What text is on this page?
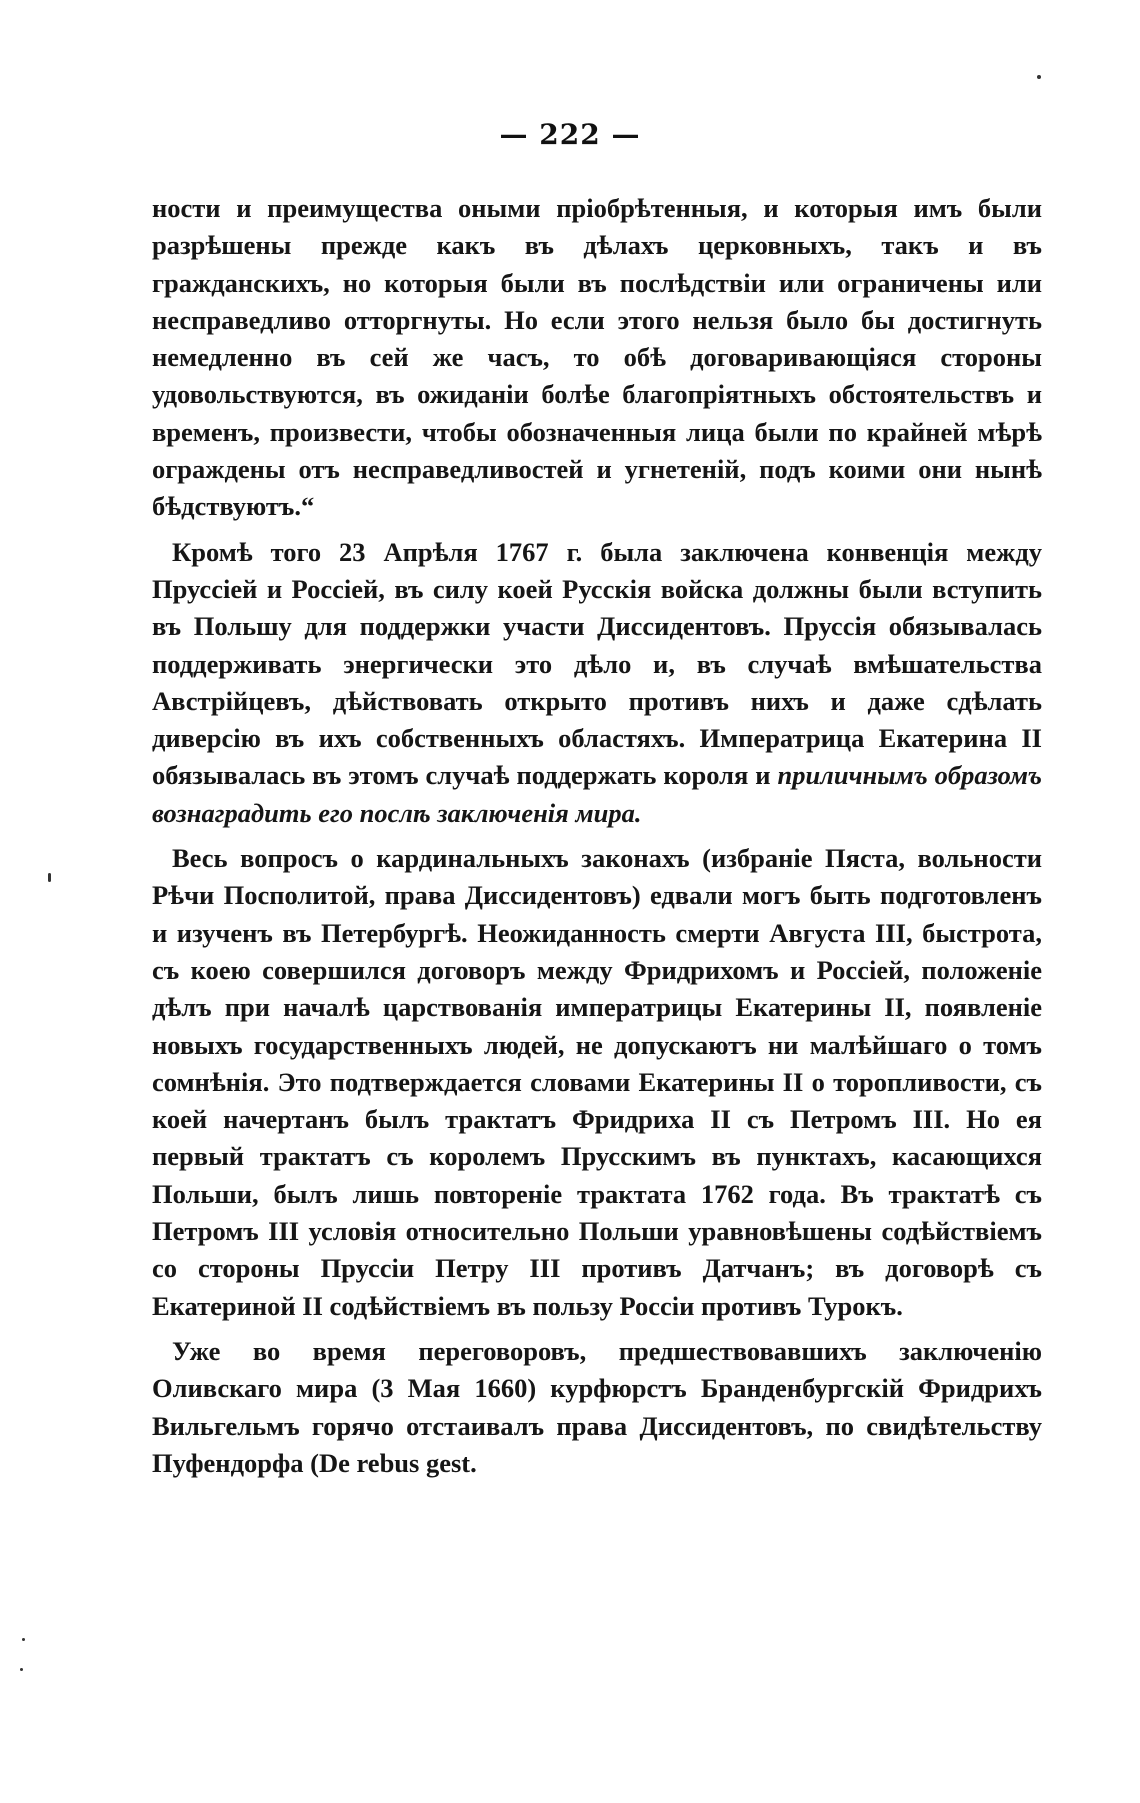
— 222 —

ности и преимущества оными пріобрѣтенныя, и которыя имъ были разрѣшены прежде какъ въ дѣлахъ церковныхъ, такъ и въ гражданскихъ, но которыя были въ послѣдствіи или ограничены или несправедливо отторгнуты. Но если этого нельзя было бы достигнуть немедленно въ сей же часъ, то обѣ договаривающіяся стороны удовольствуются, въ ожиданіи болѣе благопріятныхъ обстоятельствъ и временъ, произвести, чтобы обозначенныя лица были по крайней мѣрѣ ограждены отъ несправедливостей и угнетеній, подъ коими они нынѣ бѣдствуютъ.“

Кромѣ того 23 Апрѣля 1767 г. была заключена конвенція между Пруссіей и Россіей, въ силу коей Русскія войска должны были вступить въ Польшу для поддержки участи Диссидентовъ. Пруссія обязывалась поддерживать энергически это дѣло и, въ случаѣ вмѣшательства Австрійцевъ, дѣйствовать открыто противъ нихъ и даже сдѣлать диверсію въ ихъ собственныхъ областяхъ. Императрица Екатерина II обязывалась въ этомъ случаѣ поддержать короля и приличнымъ образомъ вознаградить его послѣ заключенія мира.

Весь вопросъ о кардинальныхъ законахъ (избраніе Пяста, вольности Рѣчи Посполитой, права Диссидентовъ) едвали могъ быть подготовленъ и изученъ въ Петербургѣ. Неожиданность смерти Августа III, быстрота, съ коею совершился договоръ между Фридрихомъ и Россіей, положеніе дѣлъ при началѣ царствованія императрицы Екатерины II, появленіе новыхъ государственныхъ людей, не допускаютъ ни малѣйшаго о томъ сомнѣнія. Это подтверждается словами Екатерины II о торопливости, съ коей начертанъ былъ трактатъ Фридриха II съ Петромъ III. Но ея первый трактатъ съ королемъ Прусскимъ въ пунктахъ, касающихся Польши, былъ лишь повтореніе трактата 1762 года. Въ трактатѣ съ Петромъ III условія относительно Польши уравновѣшены содѣйствіемъ со стороны Пруссіи Петру III противъ Датчанъ; въ договорѣ съ Екатериной II содѣйствіемъ въ пользу Россіи противъ Турокъ.

Уже во время переговоровъ, предшествовавшихъ заключенію Оливскаго мира (3 Мая 1660) курфюрстъ Бранденбургскій Фридрихъ Вильгельмъ горячо отстаивалъ права Диссидентовъ, по свидѣтельству Пуфендорфа (De rebus gest.
